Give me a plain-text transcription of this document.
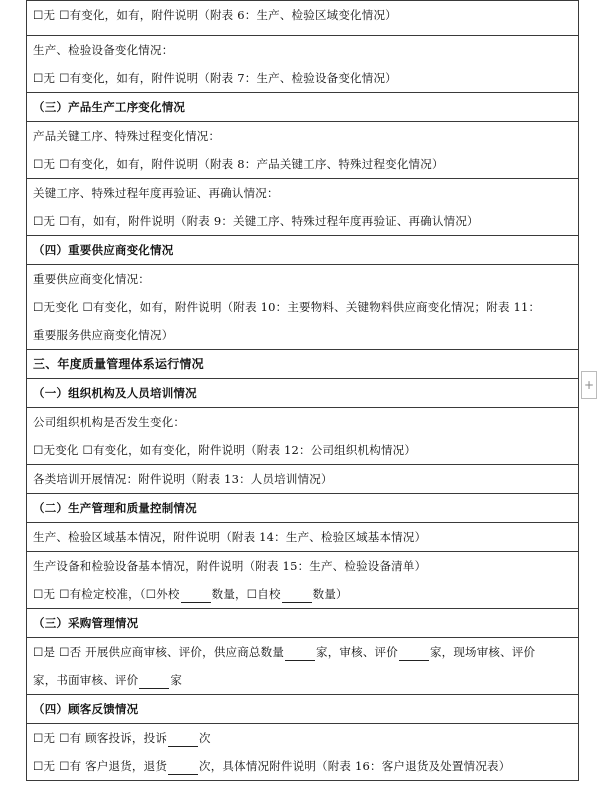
☐无 ☐有变化，如有，附件说明（附表 6：生产、检验区域变化情况）

生产、检验设备变化情况：
☐无 ☐有变化，如有，附件说明（附表 7：生产、检验设备变化情况）

（三）产品生产工序变化情况

产品关键工序、特殊过程变化情况：
☐无 ☐有变化，如有，附件说明（附表 8：产品关键工序、特殊过程变化情况）

关键工序、特殊过程年度再验证、再确认情况：
☐无 ☐有，如有，附件说明（附表 9：关键工序、特殊过程年度再验证、再确认情况）

（四）重要供应商变化情况

重要供应商变化情况：
☐无变化 ☐有变化，如有，附件说明（附表 10：主要物料、关键物料供应商变化情况；附表 11：
重要服务供应商变化情况）

三、年度质量管理体系运行情况

（一）组织机构及人员培训情况

公司组织机构是否发生变化：
☐无变化 ☐有变化，如有变化，附件说明（附表 12：公司组织机构情况）

各类培训开展情况：附件说明（附表 13：人员培训情况）

（二）生产管理和质量控制情况

生产、检验区域基本情况，附件说明（附表 14：生产、检验区域基本情况）

生产设备和检验设备基本情况，附件说明（附表 15：生产、检验设备清单）
☐无 ☐有检定校准，（☐外校	数量，☐自校	数量）

（三）采购管理情况

☐是 ☐否 开展供应商审核、评价，供应商总数量	家，审核、评价	家，现场审核、评价
家，书面审核、评价	家

（四）顾客反馈情况

☐无 ☐有 顾客投诉，投诉	次
☐无 ☐有 客户退货，退货	次，具体情况附件说明（附表 16：客户退货及处置情况表）
+
